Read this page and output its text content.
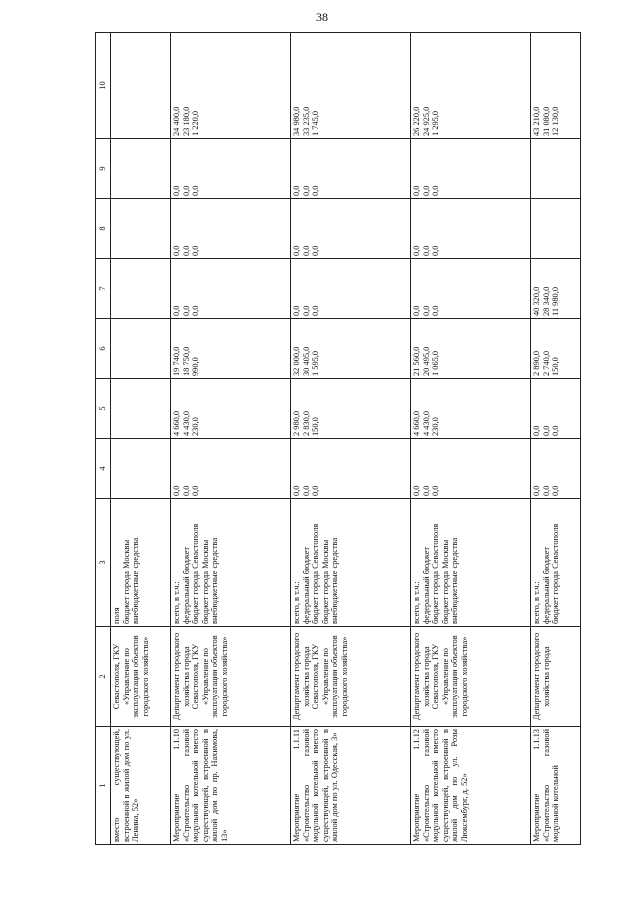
38
1	2	3	4	5	6	7	8	9	10
вместо существующей, встроенной в жилой дом по ул. Ленина, 52»	Севастополя, ГКУ «Управление по эксплуатации объектов городского хозяйства»	поля бюджет города Москвы внебюджетные средства							

Мероприятие 1.1.10 «Строительство газовой модульной котельной вместо существующей, встроенной в жилой дом по пр. Нахимова, 13»	Департамент городского хозяйства города Севастополя, ГКУ «Управление по эксплуатации объектов городского хозяйства»	всего, в т.ч.: федеральный бюджет бюджет города Севастополя бюджет города Москвы внебюджетные средства	0,0 0,0 0,0	4 660,0 4 430,0 230,0	19 740,0 18 750,0 990,0	0,0 0,0 0,0	0,0 0,0 0,0	0,0 0,0 0,0	24 400,0 23 180,0 1 220,0

Мероприятие 1.1.11 «Строительство газовой модульной котельной вместо существующей, встроенной в жилой дом по ул. Одесская, 3»	Департамент городского хозяйства города Севастополя, ГКУ «Управление по эксплуатации объектов городского хозяйства»	всего, в т.ч.: федеральный бюджет бюджет города Севастополя бюджет города Москвы внебюджетные средства	0,0 0,0 0,0	2 980,0 2 830,0 150,0	32 000,0 30 405,0 1 595,0	0,0 0,0 0,0	0,0 0,0 0,0	0,0 0,0 0,0	34 980,0 33 235,0 1 745,0

Мероприятие 1.1.12 «Строительство газовой модульной котельной вместо существующей, встроенной в жилой дом по ул. Розы Люксембург, д. 52»	Департамент городского хозяйства города Севастополя, ГКУ «Управление по эксплуатации объектов городского хозяйства»	всего, в т.ч.: федеральный бюджет бюджет города Севастополя бюджет города Москвы внебюджетные средства	0,0 0,0 0,0	4 660,0 4 430,0 230,0	21 560,0 20 495,0 1 065,0	0,0 0,0 0,0	0,0 0,0 0,0	0,0 0,0 0,0	26 220,0 24 925,0 1 295,0

Мероприятие 1.1.13 «Строительство газовой модульной котельной	Департамент городского хозяйства города	всего, в т.ч.: федеральный бюджет бюджет города Севастополя	0,0 0,0 0,0	0,0 0,0 0,0	2 890,0 2 740,0 150,0	40 320,0 28 340,0 11 980,0			43 210,0 31 080,0 12 130,0
